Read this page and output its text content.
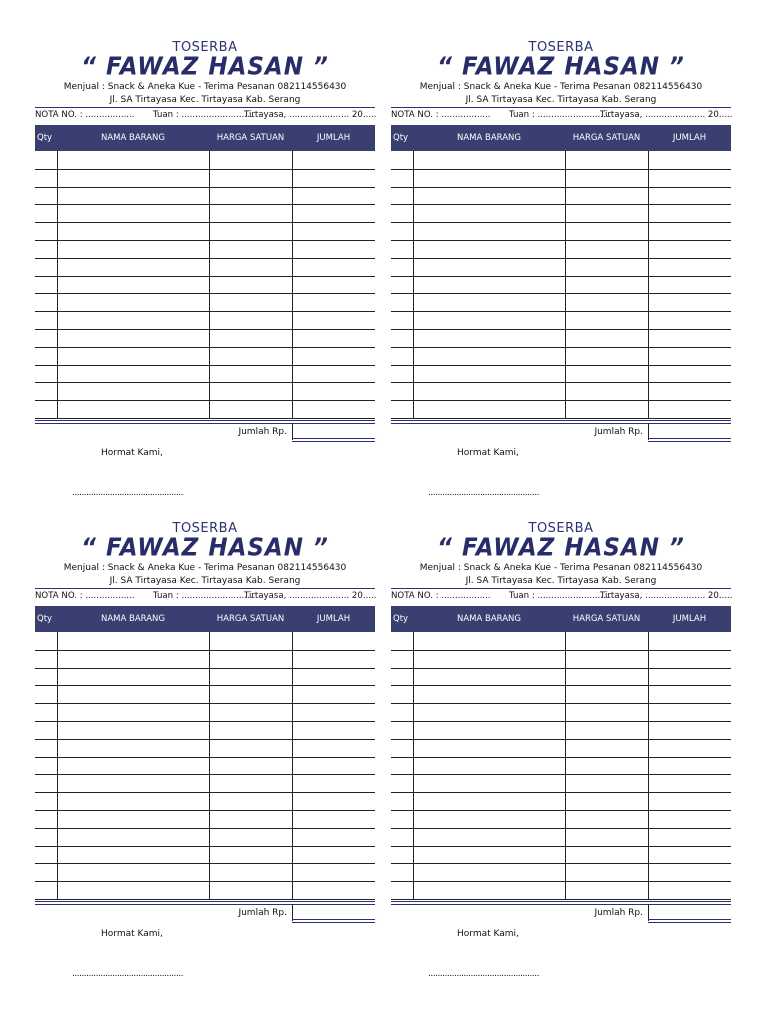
TOSERBA
“ FAWAZ HASAN ”
Menjual : Snack & Aneka Kue - Terima Pesanan 082114556430
Jl. SA Tirtayasa Kec. Tirtayasa Kab. Serang
NOTA NO. : .................. Tuan : ...........................
Tirtayasa, ...................... 20.....
Qty	NAMA BARANG	HARGA SATUAN	JUMLAH
Jumlah Rp.
Hormat Kami,
...............................................
TOSERBA
“ FAWAZ HASAN ”
Menjual : Snack & Aneka Kue - Terima Pesanan 082114556430
Jl. SA Tirtayasa Kec. Tirtayasa Kab. Serang
NOTA NO. : .................. Tuan : ...........................
Tirtayasa, ...................... 20.....
Qty	NAMA BARANG	HARGA SATUAN	JUMLAH
Jumlah Rp.
Hormat Kami,
...............................................
TOSERBA
“ FAWAZ HASAN ”
Menjual : Snack & Aneka Kue - Terima Pesanan 082114556430
Jl. SA Tirtayasa Kec. Tirtayasa Kab. Serang
NOTA NO. : .................. Tuan : ...........................
Tirtayasa, ...................... 20.....
Qty	NAMA BARANG	HARGA SATUAN	JUMLAH
Jumlah Rp.
Hormat Kami,
...............................................
TOSERBA
“ FAWAZ HASAN ”
Menjual : Snack & Aneka Kue - Terima Pesanan 082114556430
Jl. SA Tirtayasa Kec. Tirtayasa Kab. Serang
NOTA NO. : .................. Tuan : ...........................
Tirtayasa, ...................... 20.....
Qty	NAMA BARANG	HARGA SATUAN	JUMLAH
Jumlah Rp.
Hormat Kami,
...............................................
